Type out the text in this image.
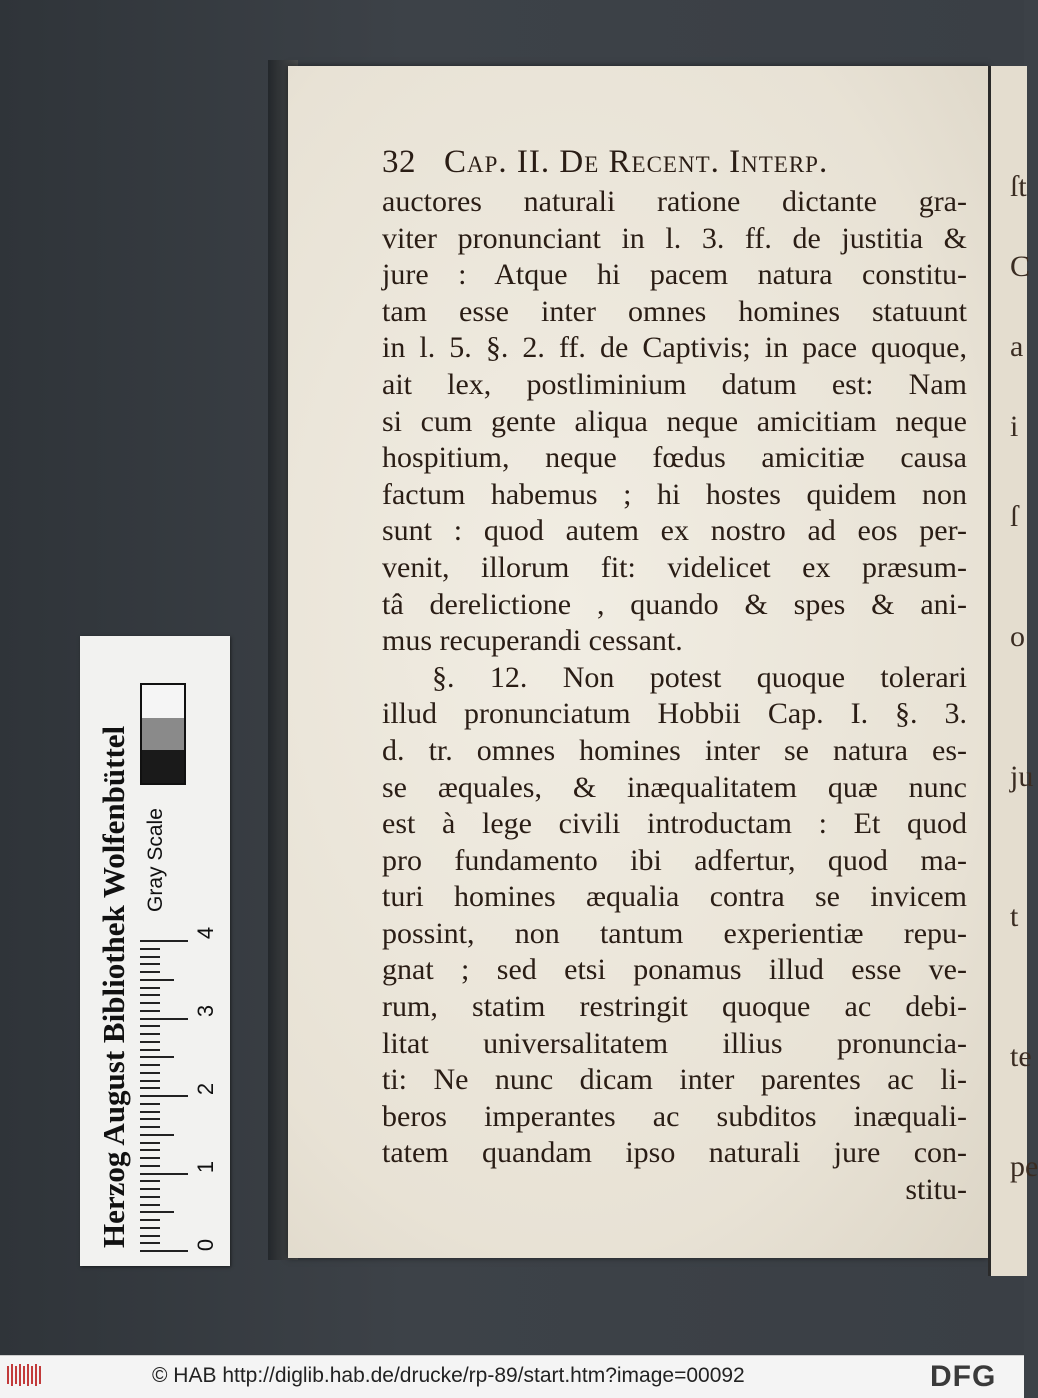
ſt
C
a
i
ſ
o
ju
t
te
pe
32 Cap. II. De Recent. Interp.
auctores naturali ratione dictante gra-
viter pronunciant in l. 3. ff. de justitia &
jure : Atque hi pacem natura constitu-
tam esse inter omnes homines statuunt
in l. 5. §. 2. ff. de Captivis; in pace quoque,
ait lex, postliminium datum est: Nam
si cum gente aliqua neque amicitiam neque
hospitium, neque fœdus amicitiæ causa
factum habemus ; hi hostes quidem non
sunt : quod autem ex nostro ad eos per-
venit, illorum fit: videlicet ex præsum-
tâ derelictione , quando & spes & ani-
mus recuperandi cessant.
§. 12. Non potest quoque tolerari
illud pronunciatum Hobbii Cap. I. §. 3.
d. tr. omnes homines inter se natura es-
se æquales, & inæqualitatem quæ nunc
est à lege civili introductam : Et quod
pro fundamento ibi adfertur, quod ma-
turi homines æqualia contra se invicem
possint, non tantum experientiæ repu-
gnat ; sed etsi ponamus illud esse ve-
rum, statim restringit quoque ac debi-
litat universalitatem illius pronuncia-
ti: Ne nunc dicam inter parentes ac li-
beros imperantes ac subditos inæquali-
tatem quandam ipso naturali jure con-
stitu-
Herzog August Bibliothek Wolfenbüttel Gray Scale
0
1
2
3
4
© HAB http://diglib.hab.de/drucke/rp-89/start.htm?image=00092	DFG
